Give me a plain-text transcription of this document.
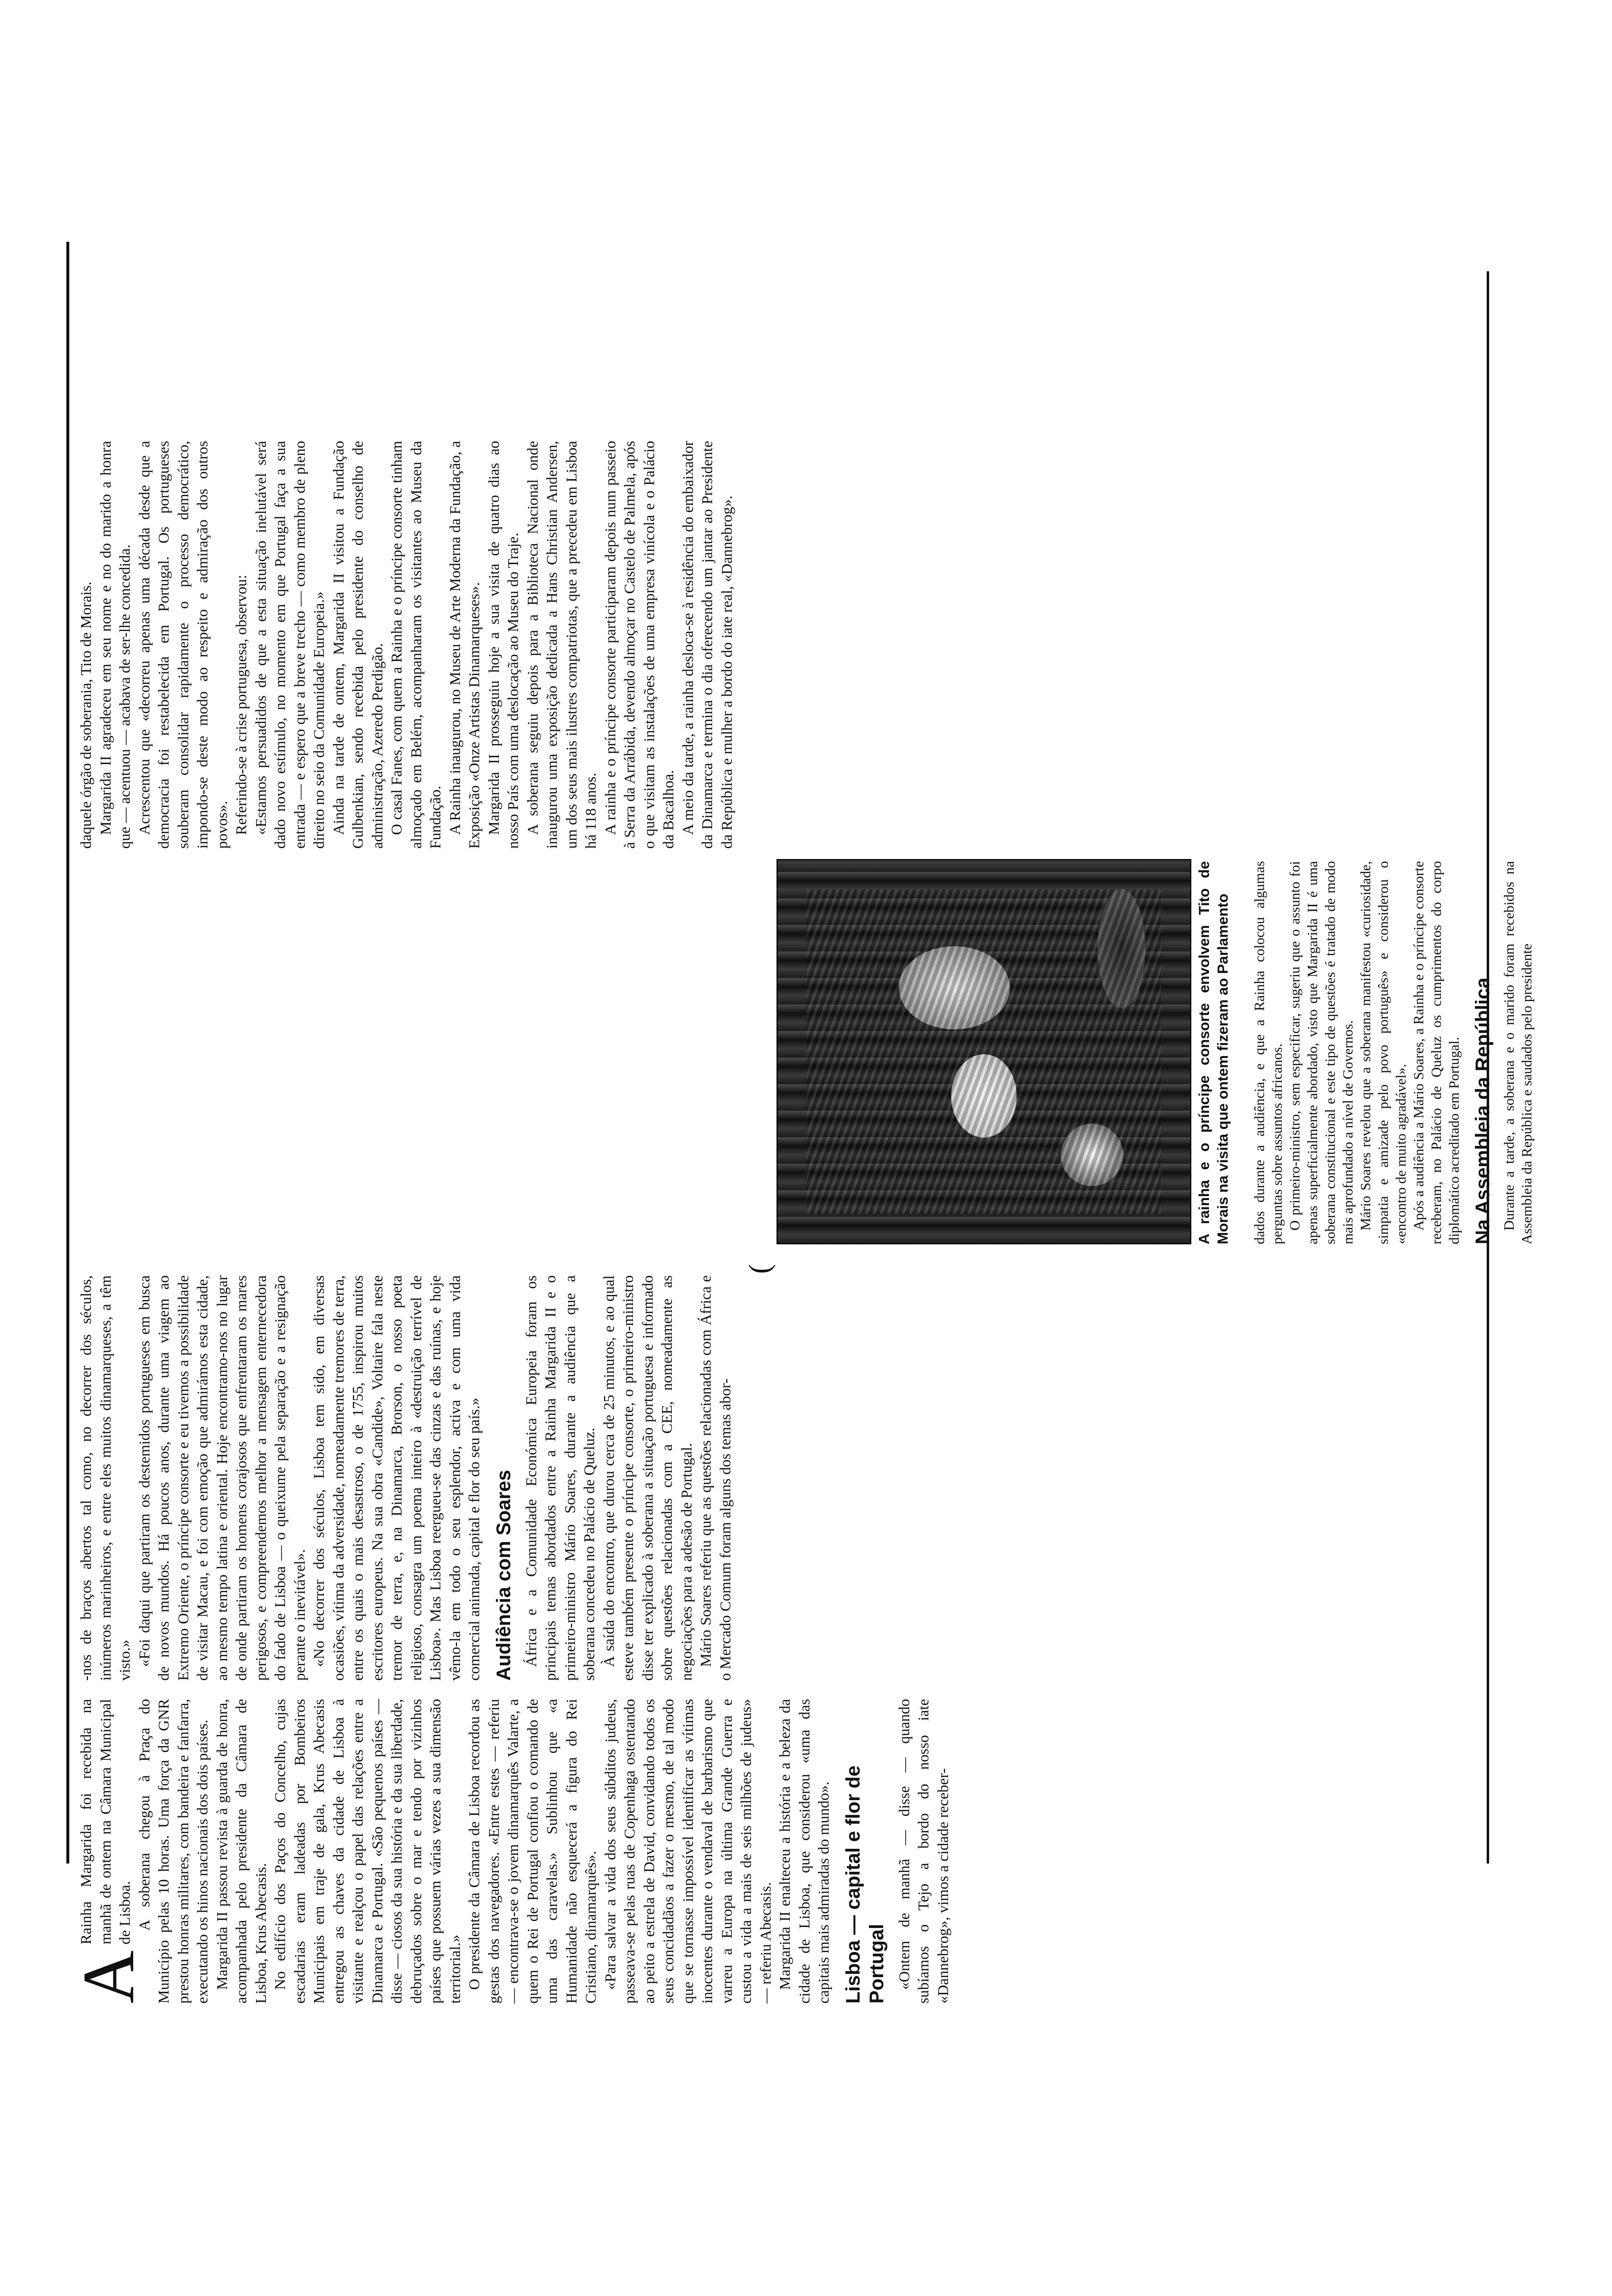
A
Rainha Margarida foi recebida na manhã de ontem na Câmara Municipal de Lisboa. A soberana chegou à Praça do Município pelas 10 horas. Uma força da GNR prestou honras militares, com bandeira e fanfarra, executando os hinos nacionais dos dois países. Margarida II passou revista à guarda de honra, acompanhada pelo presidente da Câmara de Lisboa, Krus Abecasis. No edifício dos Paços do Concelho, cujas escadarias eram ladeadas por Bombeiros Municipais em traje de gala, Krus Abecasis entregou as chaves da cidade de Lisboa à visitante e realçou o papel das relações entre a Dinamarca e Portugal. «São pequenos países — disse — ciosos da sua história e da sua liberdade, debruçados sobre o mar e tendo por vizinhos países que possuem várias vezes a sua dimensão territorial.» O presidente da Câmara de Lisboa recordou as gestas dos navegadores. «Entre estes — referiu — encontrava-se o jovem dinamarquês Valarte, a quem o Rei de Portugal confiou o comando de uma das caravelas.» Sublinhou que «a Humanidade não esquecerá a figura do Rei Cristiano, dinamarquês». «Para salvar a vida dos seus súbditos judeus, passeava-se pelas ruas de Copenhaga ostentando ao peito a estrela de David, convidando todos os seus concidadãos a fazer o mesmo, de tal modo que se tornasse impossível identificar as vítimas inocentes durante o vendaval de barbarismo que varreu a Europa na última Grande Guerra e custou a vida a mais de seis milhões de judeus» — referiu Abecasis. Margarida II enalteceu a história e a beleza da cidade de Lisboa, que considerou «uma das capitais mais admiradas do mundo». Lisboa — capital e flor de Portugal «Ontem de manhã — disse — quando subíamos o Tejo a bordo do nosso iate «Dannebrog», vimos a cidade receber-

-nos de braços abertos tal como, no decorrer dos séculos, inúmeros marinheiros, e entre eles muitos dinamarqueses, a têm visto.» «Foi daqui que partiram os destemidos portugueses em busca de novos mundos. Há poucos anos, durante uma viagem ao Extremo Oriente, o príncipe consorte e eu tivemos a possibilidade de visitar Macau, e foi com emoção que admirámos esta cidade, ao mesmo tempo latina e oriental. Hoje encontramo-nos no lugar de onde partiram os homens corajosos que enfrentaram os mares perigosos, e compreendemos melhor a mensagem enternecedora do fado de Lisboa — o queixume pela separação e a resignação perante o inevitável». «No decorrer dos séculos, Lisboa tem sido, em diversas ocasiões, vítima da adversidade, nomeadamente tremores de terra, entre os quais o mais desastroso, o de 1755, inspirou muitos escritores europeus. Na sua obra «Candide», Voltaire fala neste tremor de terra, e, na Dinamarca, Brorson, o nosso poeta religioso, consagra um poema inteiro à «destruição terrível de Lisboa». Mas Lisboa reergueu-se das cinzas e das ruínas, e hoje vêmo-la em todo o seu esplendor, activa e com uma vida comercial animada, capital e flor do seu país.» Audiência com Soares África e a Comunidade Económica Europeia foram os principais temas abordados entre a Rainha Margarida II e o primeiro-ministro Mário Soares, durante a audiência que a soberana concedeu no Palácio de Queluz. À saída do encontro, que durou cerca de 25 minutos, e ao qual esteve também presente o príncipe consorte, o primeiro-ministro disse ter explicado à soberana a situação portuguesa e informado sobre questões relacionadas com a CEE, nomeadamente as negociações para a adesão de Portugal. Mário Soares referiu que as questões relacionadas com África e o Mercado Comum foram alguns dos temas abor-

(
A rainha e o príncipe consorte envolvem Tito de Morais na visita que ontem fizeram ao Parlamento

daquele órgão de soberania, Tito de Morais. Margarida II agradeceu em seu nome e no do marido a honra que — acentuou — acabava de ser-lhe concedida. Acrescentou que «decorreu apenas uma década desde que a democracia foi restabelecida em Portugal. Os portugueses souberam consolidar rapidamente o processo democrático, impondo-se deste modo ao respeito e admiração dos outros povos». Referindo-se à crise portuguesa, observou: «Estamos persuadidos de que a esta situação inelutável será dado novo estímulo, no momento em que Portugal faça a sua entrada — e espero que a breve trecho — como membro de pleno direito no seio da Comunidade Europeia.» Ainda na tarde de ontem, Margarida II visitou a Fundação Gulbenkian, sendo recebida pelo presidente do conselho de administração, Azeredo Perdigão. O casal Fanes, com quem a Rainha e o príncipe consorte tinham almoçado em Belém, acompanharam os visitantes ao Museu da Fundação. A Rainha inaugurou, no Museu de Arte Moderna da Fundação, a Exposição «Onze Artistas Dinamarqueses». Margarida II prosseguiu hoje a sua visita de quatro dias ao nosso País com uma deslocação ao Museu do Traje. A soberana seguiu depois para a Biblioteca Nacional onde inaugurou uma exposição dedicada a Hans Christian Andersen, um dos seus mais ilustres compatriotas, que a precedeu em Lisboa há 118 anos. A rainha e o príncipe consorte participaram depois num passeio à Serra da Arrábida, devendo almoçar no Castelo de Palmela, após o que visitam as instalações de uma empresa vinícola e o Palácio da Bacalhoa. A meio da tarde, a rainha desloca-se à residência do embaixador da Dinamarca e termina o dia oferecendo um jantar ao Presidente da República e mulher a bordo do iate real, «Dannebrog».

dados durante a audiência, e que a Rainha colocou algumas perguntas sobre assuntos africanos. O primeiro-ministro, sem especificar, sugeriu que o assunto foi apenas superficialmente abordado, visto que Margarida II é uma soberana constitucional e este tipo de questões é tratado de modo mais aprofundado a nível de Governos. Mário Soares revelou que a soberana manifestou «curiosidade, simpatia e amizade pelo povo português» e considerou o «encontro de muito agradável». Após a audiência a Mário Soares, a Rainha e o príncipe consorte receberam, no Palácio de Queluz os cumprimentos do corpo diplomático acreditado em Portugal. Na Assembleia da República Durante a tarde, a soberana e o marido foram recebidos na Assembleia da República e saudados pelo presidente
